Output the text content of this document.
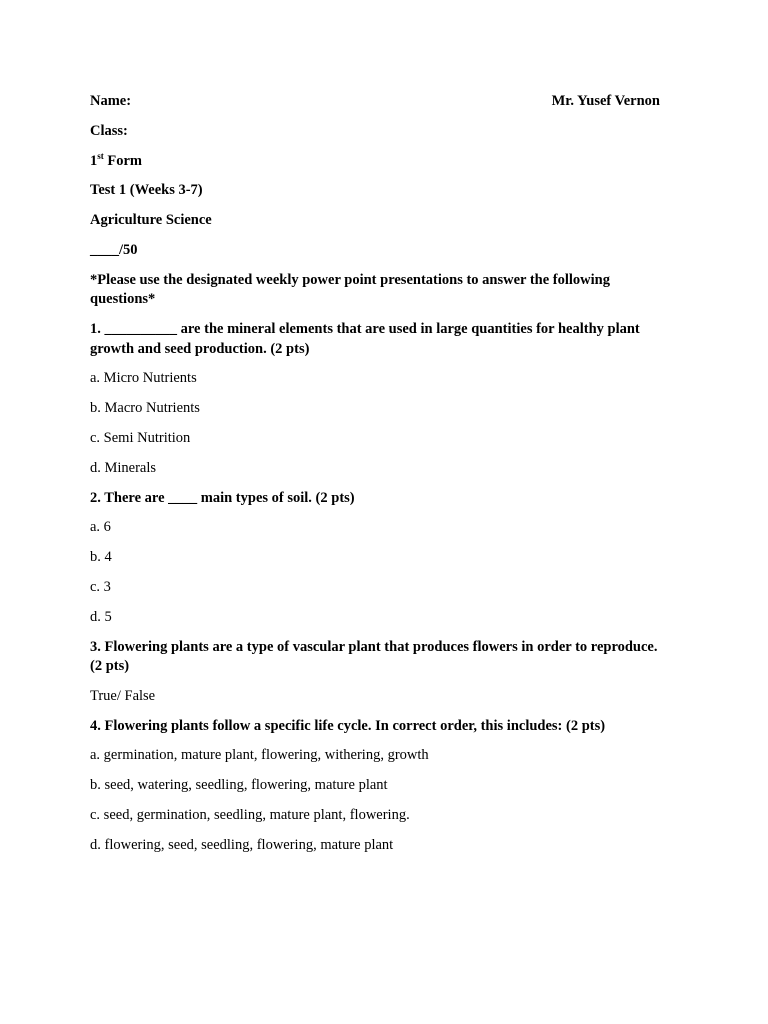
Name:	Mr. Yusef Vernon
Class:
1st Form
Test 1 (Weeks 3-7)
Agriculture Science
____/50
*Please use the designated weekly power point presentations to answer the following questions*
1. __________ are the mineral elements that are used in large quantities for healthy plant growth and seed production. (2 pts)
a. Micro Nutrients
b. Macro Nutrients
c. Semi Nutrition
d. Minerals
2. There are ____ main types of soil. (2 pts)
a. 6
b. 4
c. 3
d. 5
3. Flowering plants are a type of vascular plant that produces flowers in order to reproduce. (2 pts)
True/ False
4. Flowering plants follow a specific life cycle. In correct order, this includes: (2 pts)
a. germination, mature plant, flowering, withering, growth
b. seed, watering, seedling, flowering, mature plant
c. seed, germination, seedling, mature plant, flowering.
d. flowering, seed, seedling, flowering, mature plant
